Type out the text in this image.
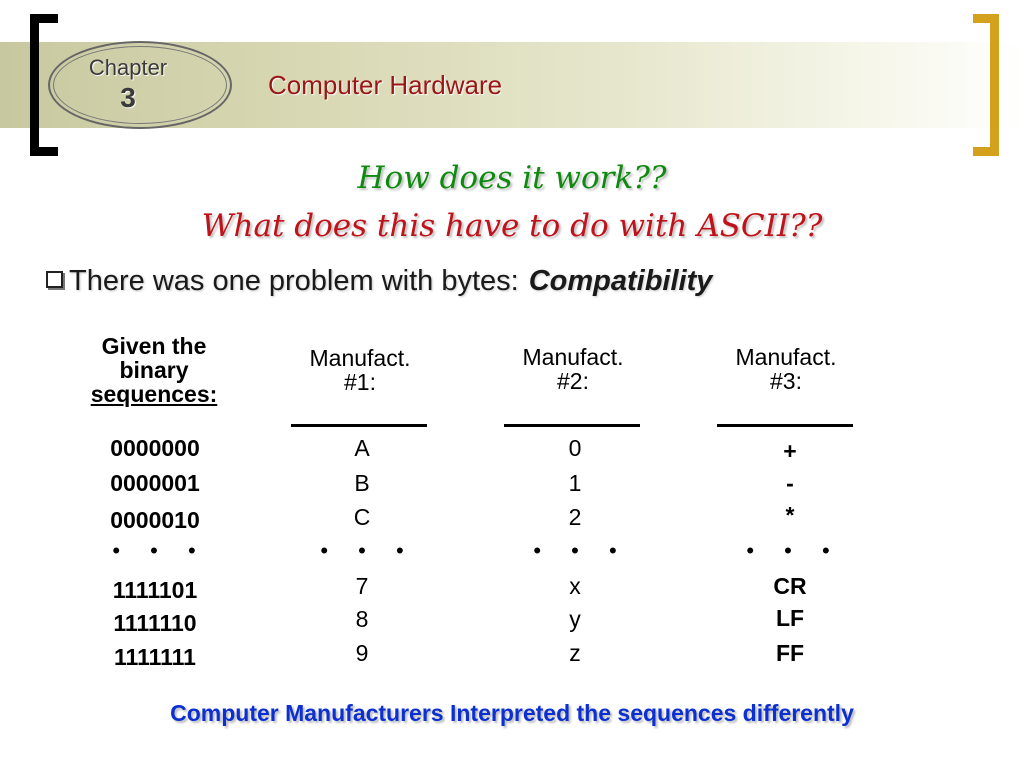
Chapter
3	Computer Hardware
How does it work??
What does this have to do with ASCII??
There was one problem with bytes: Compatibility
Given the
binary
sequences:
Manufact.
#1:
Manufact.
#2:
Manufact.
#3:
0000000
0000001
0000010
• • •
1111101
1111110
1111111
A
B
C
• • •
7
8
9
0
1
2
• • •
x
y
z
+
-
*
• • •
CR
LF
FF
Computer Manufacturers Interpreted the sequences differently
